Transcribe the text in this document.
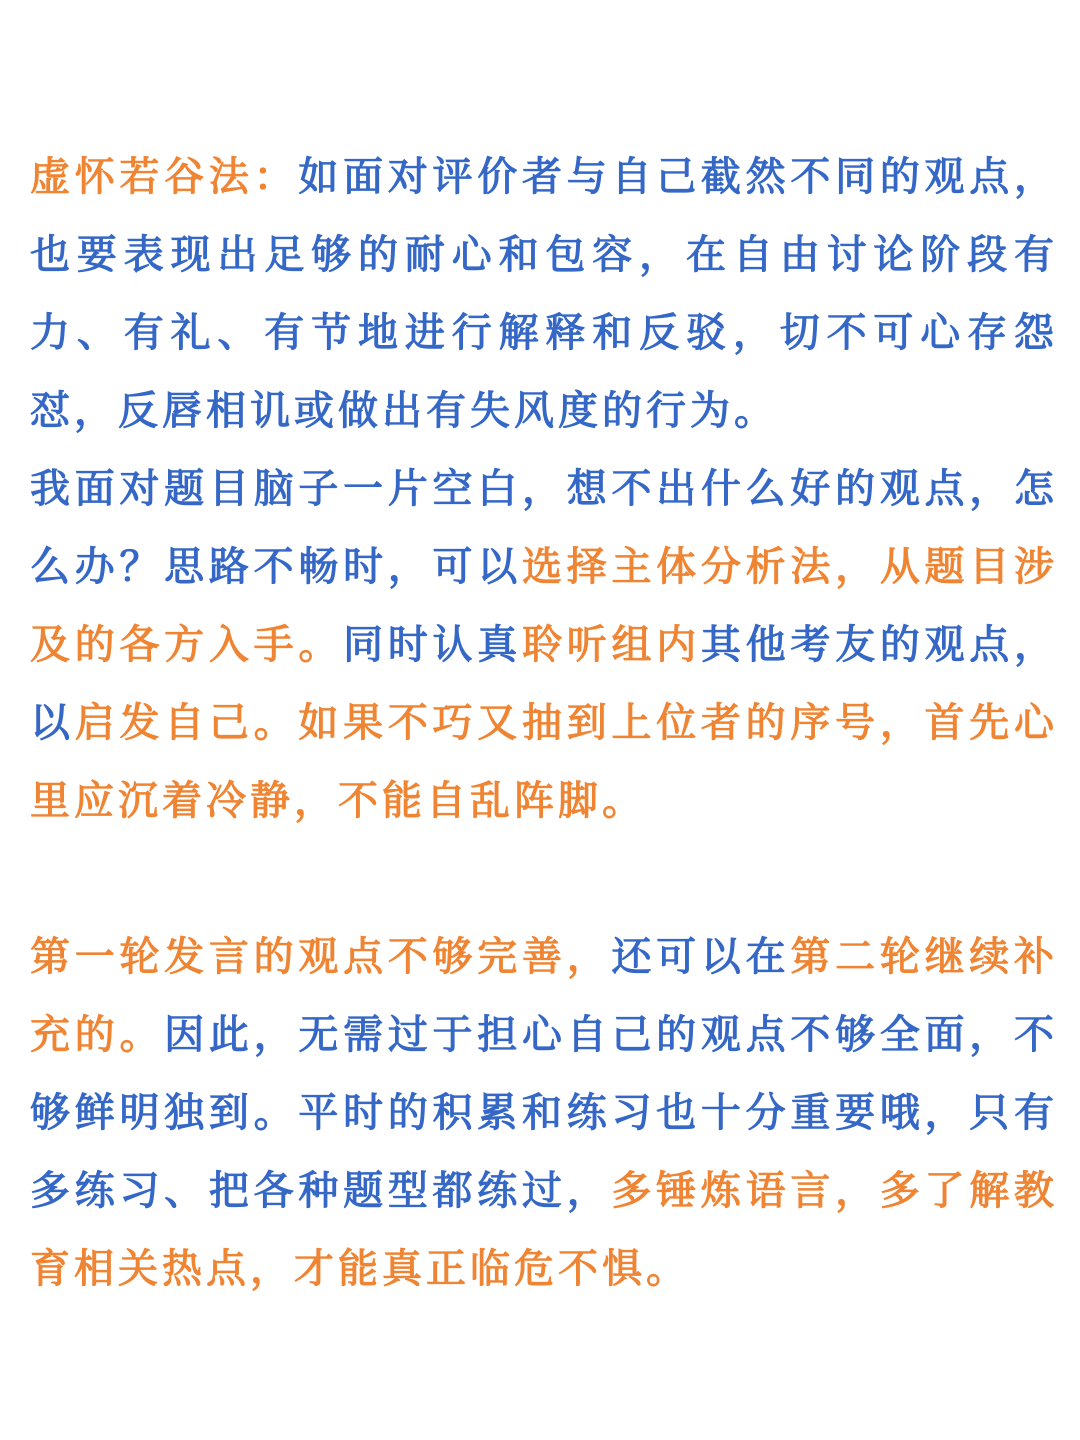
虚怀若谷法：如面对评价者与自己截然不同的观点，也要表现出足够的耐心和包容，在自由讨论阶段有力、有礼、有节地进行解释和反驳，切不可心存怨怼，反唇相讥或做出有失风度的行为。

我面对题目脑子一片空白，想不出什么好的观点，怎么办？思路不畅时，可以选择主体分析法，从题目涉及的各方入手。同时认真聆听组内其他考友的观点，以启发自己。如果不巧又抽到上位者的序号，首先心里应沉着冷静，不能自乱阵脚。

第一轮发言的观点不够完善，还可以在第二轮继续补充的。因此，无需过于担心自己的观点不够全面，不够鲜明独到。平时的积累和练习也十分重要哦，只有多练习、把各种题型都练过，多锤炼语言，多了解教育相关热点，才能真正临危不惧。
